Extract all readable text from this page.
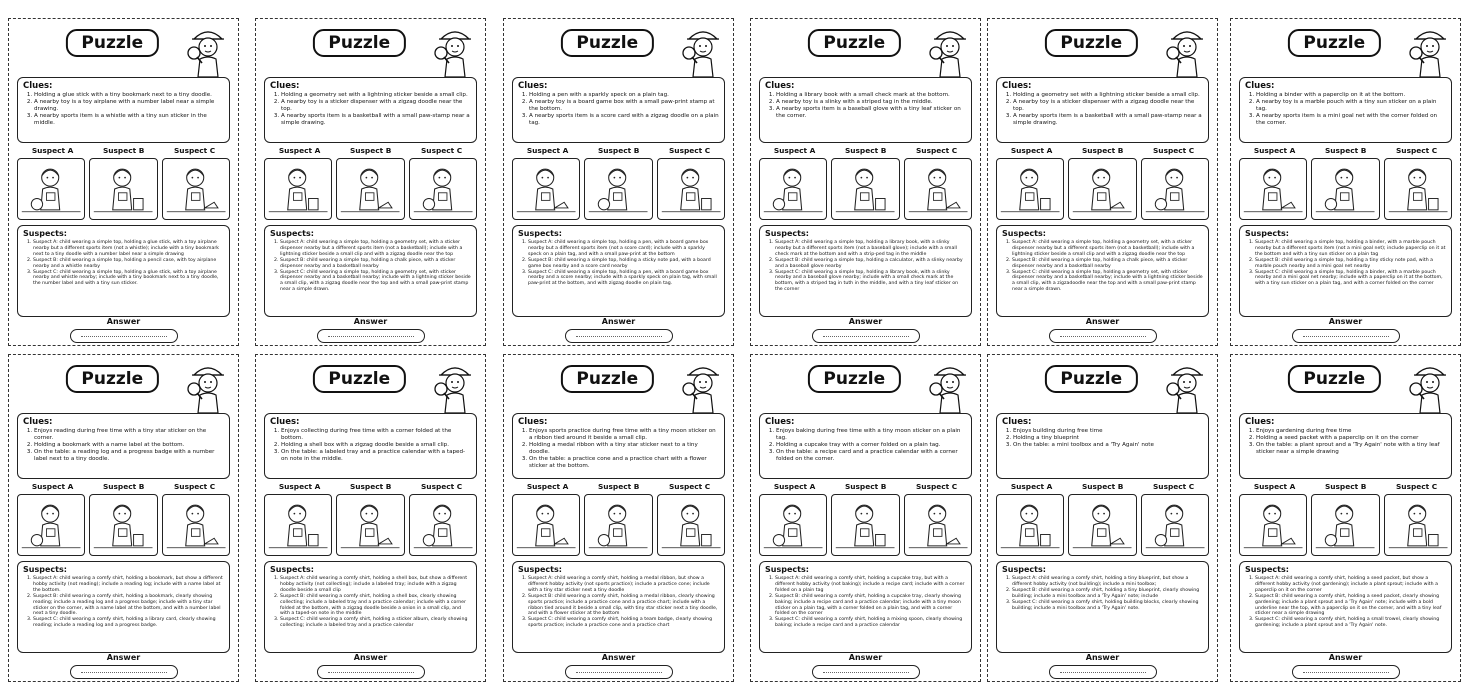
Puzzle
Clues:
1. Holding a glue stick with a tiny bookmark next to a tiny doodle.
2. A nearby toy is a toy airplane with a number label near a simple drawing.
3. A nearby sports item is a whistle with a tiny sun sticker in the middle.
Suspect A	Suspect B	Suspect C
Suspects:
1. Suspect A: child wearing a simple top, holding a glue stick, with a toy airplane nearby but a different sports item (not a whistle); include with a tiny bookmark next to a tiny doodle with a number label near a simple drawing
2. Suspect B: child wearing a simple top, holding a pencil case, with toy airplane nearby and a whistle nearby
3. Suspect C: child wearing a simple top, holding a glue stick, with a toy airplane nearby and whistle nearby; include with a tiny bookmark next to a tiny doodle, the number label and with a tiny sun sticker.
Answer
Puzzle
Clues:
1. Holding a geometry set with a lightning sticker beside a small clip.
2. A nearby toy is a sticker dispenser with a zigzag doodle near the top.
3. A nearby sports item is a basketball with a small paw-stamp near a simple drawing.
Suspect A	Suspect B	Suspect C
Suspects:
1. Suspect A: child wearing a simple top, holding a geometry set, with a sticker dispenser nearby but a different sports item (not a basketball); include with a lightning sticker beside a small clip and with a zigzag doodle near the top
2. Suspect B: child wearing a simple top, holding a chalk piece, with a sticker dispenser nearby and a basketball nearby
3. Suspect C: child wearing a simple top, holding a geometry set, with sticker dispenser nearby and a basketball nearby; include with a lightning sticker beside a small clip, with a zigzag doodle near the top and with a small paw-print stamp near a simple drawn.
Answer
Puzzle
Clues:
1. Holding a pen with a sparkly speck on a plain tag.
2. A nearby toy is a board game box with a small paw-print stamp at the bottom.
3. A nearby sports item is a score card with a zigzag doodle on a plain tag.
Suspect A	Suspect B	Suspect C
Suspects:
1. Suspect A: child wearing a simple top, holding a pen, with a board game box nearby but a different sports item (not a score card); include with a sparkly speck on a plain tag, and with a small paw-print at the bottom
2. Suspect B: child wearing a simple top, holding a sticky note pad, with a board game box nearby and a score card nearby
3. Suspect C: child wearing a simple top, holding a pen, with a board game box nearby and a score nearby; include with a sparkly speck on plain tag, with small paw-print at the bottom, and with zigzag doodle on plain tag.
Answer
Puzzle
Clues:
1. Holding a library book with a small check mark at the bottom.
2. A nearby toy is a slinky with a striped tag in the middle.
3. A nearby sports item is a baseball glove with a tiny leaf sticker on the corner.
Suspect A	Suspect B	Suspect C
Suspects:
1. Suspect A: child wearing a simple top, holding a library book, with a slinky nearby but a different sports item (not a baseball glove); include with a small check mark at the bottom and with a strip-ped tag in the middle
2. Suspect B: child wearing a simple top, holding a calculator, with a slinky nearby and a baseball glove nearby
3. Suspect C: child wearing a simple top, holding a library book, with a slinky nearby and a baseball glove nearby; include with a small check mark at the bottom, with a striped tag in tuth in the middle, and with a tiny leaf sticker on the corner
Answer
Puzzle
Clues:
1. Holding a geometry set with a lightning sticker beside a small clip.
2. A nearby toy is a sticker dispenser with a zigzag doodle near the top.
3. A nearby sports item is a basketball with a small paw-stamp near a simple drawing.
Suspect A	Suspect B	Suspect C
Suspects:
1. Suspect A: child wearing a simple top, holding a geometry set, with a sticker dispenser nearby but a different sports item (not a basketball); include with a lightning sticker beside a small clip and with a zigzag doodle near the top
2. Suspect B: child wearing a simple top, holding a chalk piece, with a sticker dispenser nearby and a basketball nearby
3. Suspect C: child wearing a simple top, holding a geometry set, with sticker dispenser nearby and a basketball nearby; include with a lightning sticker beside a small clip, with a zigzadoodle near the top and with a small paw-print stamp near a simple drawn.
Answer
Puzzle
Clues:
1. Holding a binder with a paperclip on it at the bottom.
2. A nearby toy is a marble pouch with a tiny sun sticker on a plain tag.
3. A nearby sports item is a mini goal net with the corner folded on the corner.
Suspect A	Suspect B	Suspect C
Suspects:
1. Suspect A: child wearing a simple top, holding a binder, with a marble pouch nearby but a different sports item (not a mini goal net); include paperclip on it at the bottom and with a tiny sun sticker on a plain tag
2. Suspect B: child wearing a simple top, holding a tiny sticky note pad, with a marble pouch nearby and a mini goal net nearby
3. Suspect C: child wearing a simple top, holding a binder, with a marble pouch nearby and a mini goal net nearby; include with a paperclip on it at the bottom, with a tiny sun sticker on a plain tag, and with a corner folded on the corner
Answer
Puzzle
Clues:
1. Enjoys reading during free time with a tiny star sticker on the corner.
2. Holding a bookmark with a name label at the bottom.
3. On the table: a reading log and a progress badge with a number label next to a tiny doodle.
Suspect A	Suspect B	Suspect C
Suspects:
1. Suspect A: child wearing a comfy shirt, holding a bookmark, but show a different hobby activity (not reading); include a reading log; include with a name label at the bottom.
2. Suspect B: child wearing a comfy shirt, holding a bookmark, clearly showing reading; include a reading log and a progress badge; include with a tiny star sticker on the corner, with a name label at the bottom, and with a number label next a tiny doodle.
3. Suspect C: child wearing a comfy shirt, holding a library card, clearly showing reading; include a reading log and a progress badge.
Answer
Puzzle
Clues:
1. Enjoys collecting during free time with a corner folded at the bottom.
2. Holding a shell box with a zigzag doodle beside a small clip.
3. On the table: a labeled tray and a practice calendar with a taped-on note in the middle.
Suspect A	Suspect B	Suspect C
Suspects:
1. Suspect A: child wearing a comfy shirt, holding a shell box, but show a different hobby activity (not collecting); include a labeled tray; include with a zigzag doodle beside a small clip
2. Suspect B: child wearing a comfy shirt, holding a shell box, clearly showing collecting; include a labeled tray and a practice calendar; include with a corner folded at the bottom, with a zigzag doodle beside a onion in a small clip, and with a taped-on note in the middle
3. Suspect C: child wearing a comfy shirt, holding a sticker album, clearly showing collecting; include a labeled tray and a practice calendar
Answer
Puzzle
Clues:
1. Enjoys sports practice during free time with a tiny moon sticker on a ribbon tied around it beside a small clip.
2. Holding a medal ribbon with a tiny star sticker next to a tiny doodle.
3. On the table: a practice cone and a practice chart with a flower sticker at the bottom.
Suspect A	Suspect B	Suspect C
Suspects:
1. Suspect A: child wearing a comfy shirt, holding a medal ribbon, but show a different hobby activity (not sports practice); include a practice cone; include with a tiny star sticker next a tiny doodle
2. Suspect B: child wearing a comfy shirt, holding a medal ribbon, clearly showing sports practice; include a practice cone and a practice chart; include with a ribbon tied around it beside a small clip, with tiny star sticker next a tiny doodle, and with a flower sticker at the bottom
3. Suspect C: child wearing a comfy shirt, holding a team badge, clearly showing sports practice; include a practice cone and a practice chart
Answer
Puzzle
Clues:
1. Enjoys baking during free time with a tiny moon sticker on a plain tag.
2. Holding a cupcake tray with a corner folded on a plain tag.
3. On the table: a recipe card and a practice calendar with a corner folded on the corner.
Suspect A	Suspect B	Suspect C
Suspects:
1. Suspect A: child wearing a comfy shirt, holding a cupcake tray, but with a different hobby activity (not baking); include a recipe card; include with a corner folded on a plain tag
2. Suspect B: child wearing a comfy shirt, holding a cupcake tray, clearly showing baking; include a recipe card and a practice calendar; include with a tiny moon sticker on a plain tag, with a corner folded on a plain tag, and with a corner folded on the corner
3. Suspect C: child wearing a comfy shirt, holding a mixing spoon, clearly showing baking; include a recipe card and a practice calendar
Answer
Puzzle
Clues:
1. Enjoys building during free time
2. Holding a tiny blueprint
3. On the table: a mini toolbox and a 'Try Again' note
Suspect A	Suspect B	Suspect C
Suspects:
1. Suspect A: child wearing a comfy shirt, holding a tiny blueprint, but show a different hobby activity (not building); include a mini toolbox;
2. Suspect B: child wearing a comfy shirt, holding a tiny blueprint, clearly showing building; include a mini toolbox and a 'Try Again' note; include
3. Suspect C: child wearing a comfy shirt, holding building blocks, clearly showing building; include a mini toolbox and a 'Try Again' note.
Answer
Puzzle
Clues:
1. Enjoys gardening during free time
2. Holding a seed packet with a paperclip on it on the corner
3. On the table: a plant sprout and a 'Try Again' note with a tiny leaf sticker near a simple drawing
Suspect A	Suspect B	Suspect C
Suspects:
1. Suspect A: child wearing a comfy shirt, holding a seed packet, but show a different hobby activity (not gardening); include a plant sprout; include with a paperclip on it on the corner
2. Suspect B: child wearing a comfy shirt, holding a seed packet, clearly showing gardening; include a plant sprout and a 'Try Again' note; include with a bold underline near the top, with a paperclip on it on the corner, and with a tiny leaf sticker near a simple drawing
3. Suspect C: child wearing a comfy shirt, holding a small trowel, clearly showing gardening; include a plant sprout and a 'Try Again' note.
Answer
